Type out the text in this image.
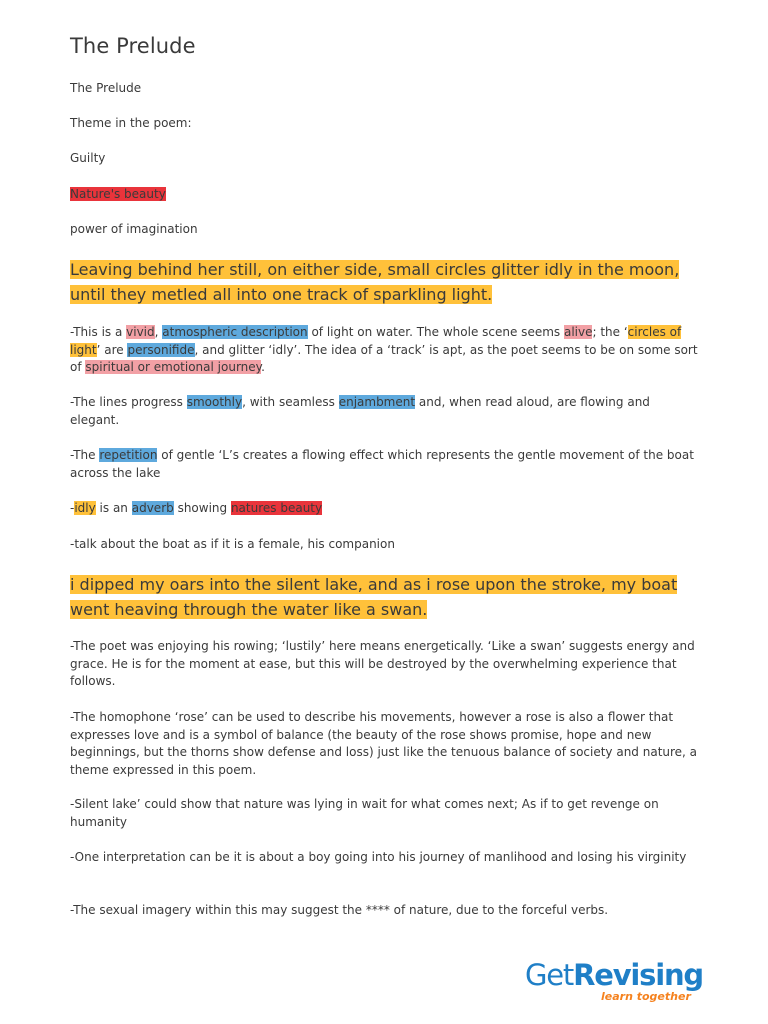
The Prelude

The Prelude

Theme in the poem:

Guilty

Nature's beauty

power of imagination

Leaving behind her still, on either side, small circles glitter idly in the moon, until they metled all into one track of sparkling light.

-This is a vivid, atmospheric description of light on water. The whole scene seems alive; the ‘circles of light’ are personifide, and glitter ‘idly’. The idea of a ‘track’ is apt, as the poet seems to be on some sort of spiritual or emotional journey.

-The lines progress smoothly, with seamless enjambment and, when read aloud, are flowing and elegant.

-The repetition of gentle ‘L’s creates a flowing effect which represents the gentle movement of the boat across the lake

-idly is an adverb showing natures beauty

-talk about the boat as if it is a female, his companion

i dipped my oars into the silent lake, and as i rose upon the stroke, my boat went heaving through the water like a swan.

-The poet was enjoying his rowing; ‘lustily’ here means energetically. ‘Like a swan’ suggests energy and grace. He is for the moment at ease, but this will be destroyed by the overwhelming experience that follows.

-The homophone ‘rose’ can be used to describe his movements, however a rose is also a flower that expresses love and is a symbol of balance (the beauty of the rose shows promise, hope and new beginnings, but the thorns show defense and loss) just like the tenuous balance of society and nature, a theme expressed in this poem.

-Silent lake’ could show that nature was lying in wait for what comes next; As if to get revenge on humanity

-One interpretation can be it is about a boy going into his journey of manlihood and losing his virginity

-The sexual imagery within this may suggest the **** of nature, due to the forceful verbs.

GetRevising
learn together
